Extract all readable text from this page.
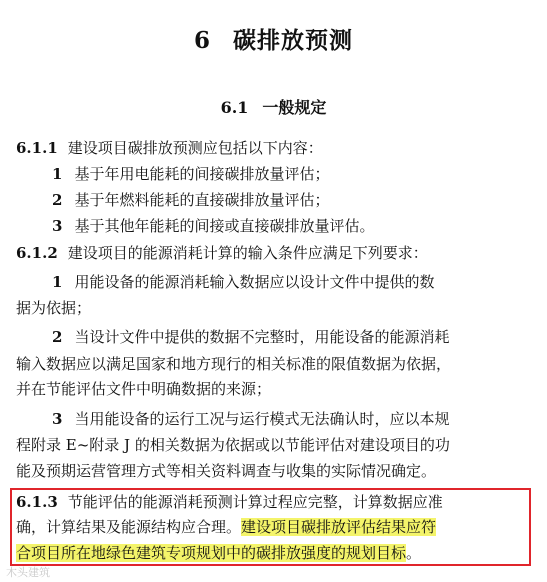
6 碳排放预测
6.1 一般规定
6.1.1 建设项目碳排放预测应包括以下内容：
1 基于年用电能耗的间接碳排放量评估；
2 基于年燃料能耗的直接碳排放量评估；
3 基于其他年能耗的间接或直接碳排放量评估。
6.1.2 建设项目的能源消耗计算的输入条件应满足下列要求：
1 用能设备的能源消耗输入数据应以设计文件中提供的数
据为依据；
2 当设计文件中提供的数据不完整时，用能设备的能源消耗
输入数据应以满足国家和地方现行的相关标准的限值数据为依据，
并在节能评估文件中明确数据的来源；
3 当用能设备的运行工况与运行模式无法确认时，应以本规
程附录 E~附录 J 的相关数据为依据或以节能评估对建设项目的功
能及预期运营管理方式等相关资料调查与收集的实际情况确定。
6.1.3 节能评估的能源消耗预测计算过程应完整，计算数据应准
确，计算结果及能源结构应合理。建设项目碳排放评估结果应符
合项目所在地绿色建筑专项规划中的碳排放强度的规划目标。
木头建筑
